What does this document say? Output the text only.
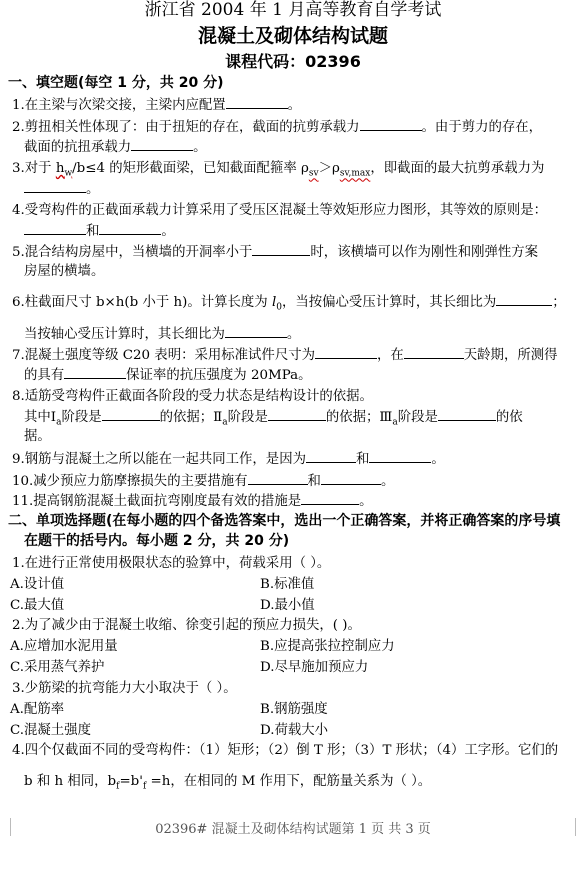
浙江省 2004 年 1 月高等教育自学考试
混凝土及砌体结构试题
课程代码：02396
一、填空题(每空 1 分，共 20 分)
1.在主梁与次梁交接，主梁内应配置	。
2.剪扭相关性体现了：由于扭矩的存在，截面的抗剪承载力	。由于剪力的存在，
截面的抗扭承载力	。
3.对于 $h_w/b\le 4$ 的矩形截面梁，已知截面配箍率 $\rho_{sv}>\rho_{sv,max}$，即截面的最大抗剪承载力为
。
4.受弯构件的正截面承载力计算采用了受压区混凝土等效矩形应力图形，其等效的原则是：
和	。
5.混合结构房屋中，当横墙的开洞率小于	时，该横墙可以作为刚性和刚弹性方案
房屋的横墙。
6.柱截面尺寸 b×h(b 小于 h)。计算长度为 $l_0$，当按偏心受压计算时，其长细比为	；
当按轴心受压计算时，其长细比为	。
7.混凝土强度等级 C20 表明：采用标准试件尺寸为	，在	天龄期，所测得
的具有	保证率的抗压强度为 20MPa。
8.适筋受弯构件正截面各阶段的受力状态是结构设计的依据。
其中$Ⅰ_a$阶段是	的依据；$Ⅱ_a$阶段是	的依据；$Ⅲ_a$阶段是	的依
据。
9.钢筋与混凝土之所以能在一起共同工作，是因为	和	。
10.减少预应力筋摩擦损失的主要措施有	和	。
11.提高钢筋混凝土截面抗弯刚度最有效的措施是	。
二、单项选择题(在每小题的四个备选答案中，选出一个正确答案，并将正确答案的序号填
在题干的括号内。每小题 2 分，共 20 分)
1.在进行正常使用极限状态的验算中，荷载采用（ ）。
A.设计值	B.标准值
C.最大值	D.最小值
2.为了减少由于混凝土收缩、徐变引起的预应力损失，( )。
A.应增加水泥用量	B.应提高张拉控制应力
C.采用蒸气养护	D.尽早施加预应力
3.少筋梁的抗弯能力大小取决于（ ）。
A.配筋率	B.钢筋强度
C.混凝土强度	D.荷载大小
4.四个仅截面不同的受弯构件：（1）矩形；（2）倒 T 形；（3）T 形状；（4）工字形。它们的
b 和 h 相同，$b_f=b'_f =h$，在相同的 M 作用下，配筋量关系为（ ）。
02396# 混凝土及砌体结构试题第 1 页 共 3 页
